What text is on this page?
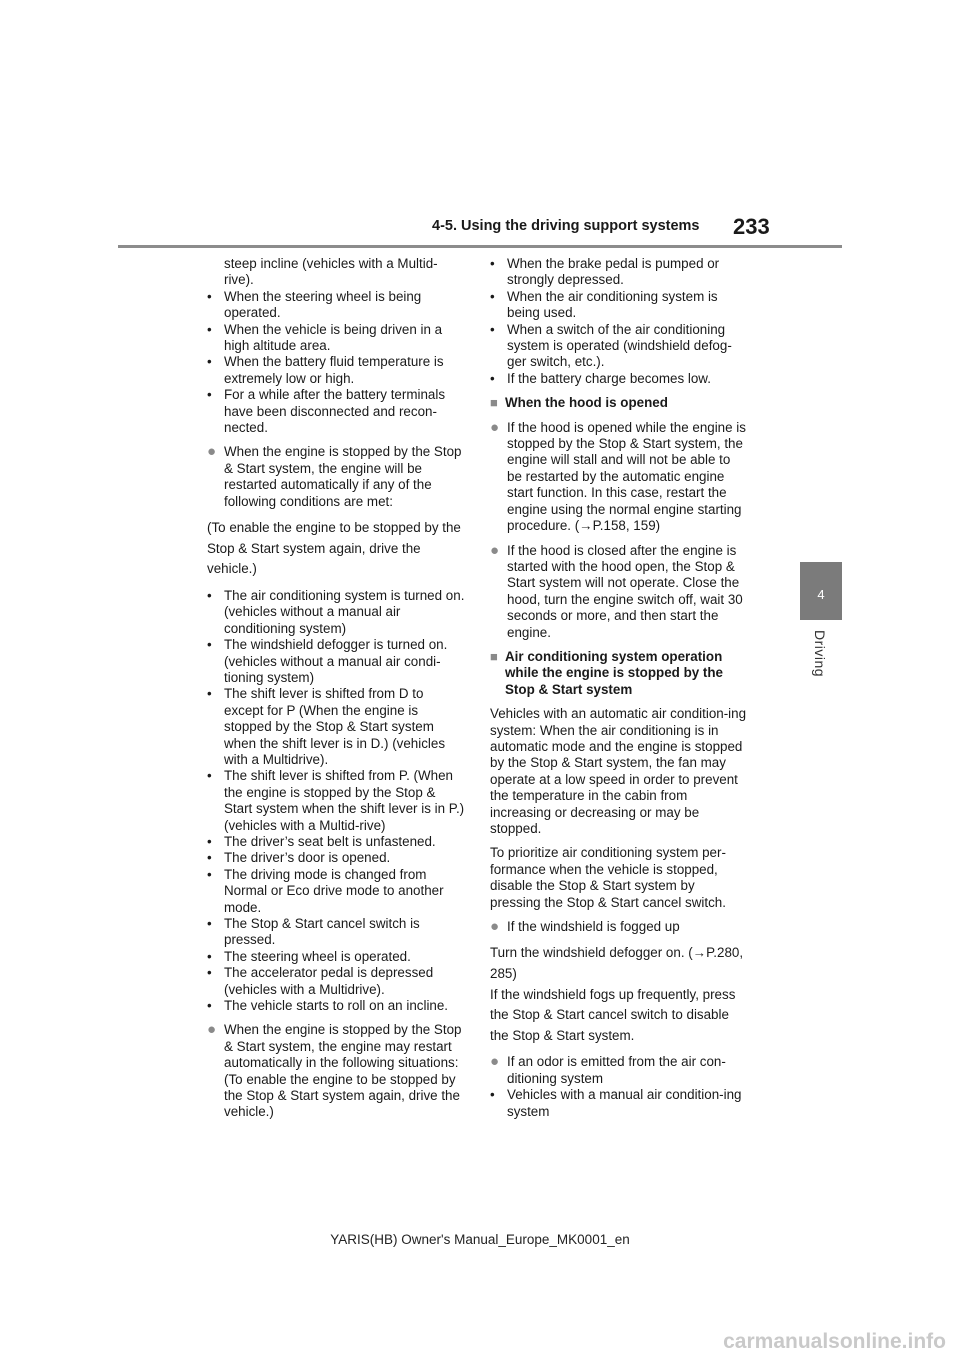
4-5. Using the driving support systems 233
4
Driving
steep incline (vehicles with a Multid-rive).
• When the steering wheel is being operated.
• When the vehicle is being driven in a high altitude area.
• When the battery fluid temperature is extremely low or high.
• For a while after the battery terminals have been disconnected and recon-nected.
● When the engine is stopped by the Stop & Start system, the engine will be restarted automatically if any of the following conditions are met:
(To enable the engine to be stopped by the Stop & Start system again, drive the vehicle.)
• The air conditioning system is turned on. (vehicles without a manual air conditioning system)
• The windshield defogger is turned on. (vehicles without a manual air condi-tioning system)
• The shift lever is shifted from D to except for P (When the engine is stopped by the Stop & Start system when the shift lever is in D.) (vehicles with a Multidrive).
• The shift lever is shifted from P. (When the engine is stopped by the Stop & Start system when the shift lever is in P.) (vehicles with a Multid-rive)
• The driver’s seat belt is unfastened.
• The driver’s door is opened.
• The driving mode is changed from Normal or Eco drive mode to another mode.
• The Stop & Start cancel switch is pressed.
• The steering wheel is operated.
• The accelerator pedal is depressed (vehicles with a Multidrive).
• The vehicle starts to roll on an incline.
● When the engine is stopped by the Stop & Start system, the engine may restart automatically in the following situations: (To enable the engine to be stopped by the Stop & Start system again, drive the vehicle.)
• When the brake pedal is pumped or strongly depressed.
• When the air conditioning system is being used.
• When a switch of the air conditioning system is operated (windshield defog-ger switch, etc.).
• If the battery charge becomes low.
■ When the hood is opened
● If the hood is opened while the engine is stopped by the Stop & Start system, the engine will stall and will not be able to be restarted by the automatic engine start function. In this case, restart the engine using the normal engine starting procedure. (→P.158, 159)
● If the hood is closed after the engine is started with the hood open, the Stop & Start system will not operate. Close the hood, turn the engine switch off, wait 30 seconds or more, and then start the engine.
■ Air conditioning system operation while the engine is stopped by the Stop & Start system
Vehicles with an automatic air condition-ing system: When the air conditioning is in automatic mode and the engine is stopped by the Stop & Start system, the fan may operate at a low speed in order to prevent the temperature in the cabin from increasing or decreasing or may be stopped.
To prioritize air conditioning system per-formance when the vehicle is stopped, disable the Stop & Start system by pressing the Stop & Start cancel switch.
● If the windshield is fogged up
Turn the windshield defogger on. (→P.280, 285)
If the windshield fogs up frequently, press the Stop & Start cancel switch to disable the Stop & Start system.
● If an odor is emitted from the air con-ditioning system
• Vehicles with a manual air condition-ing system
YARIS(HB) Owner's Manual_Europe_MK0001_en
carmanualsonline.info
